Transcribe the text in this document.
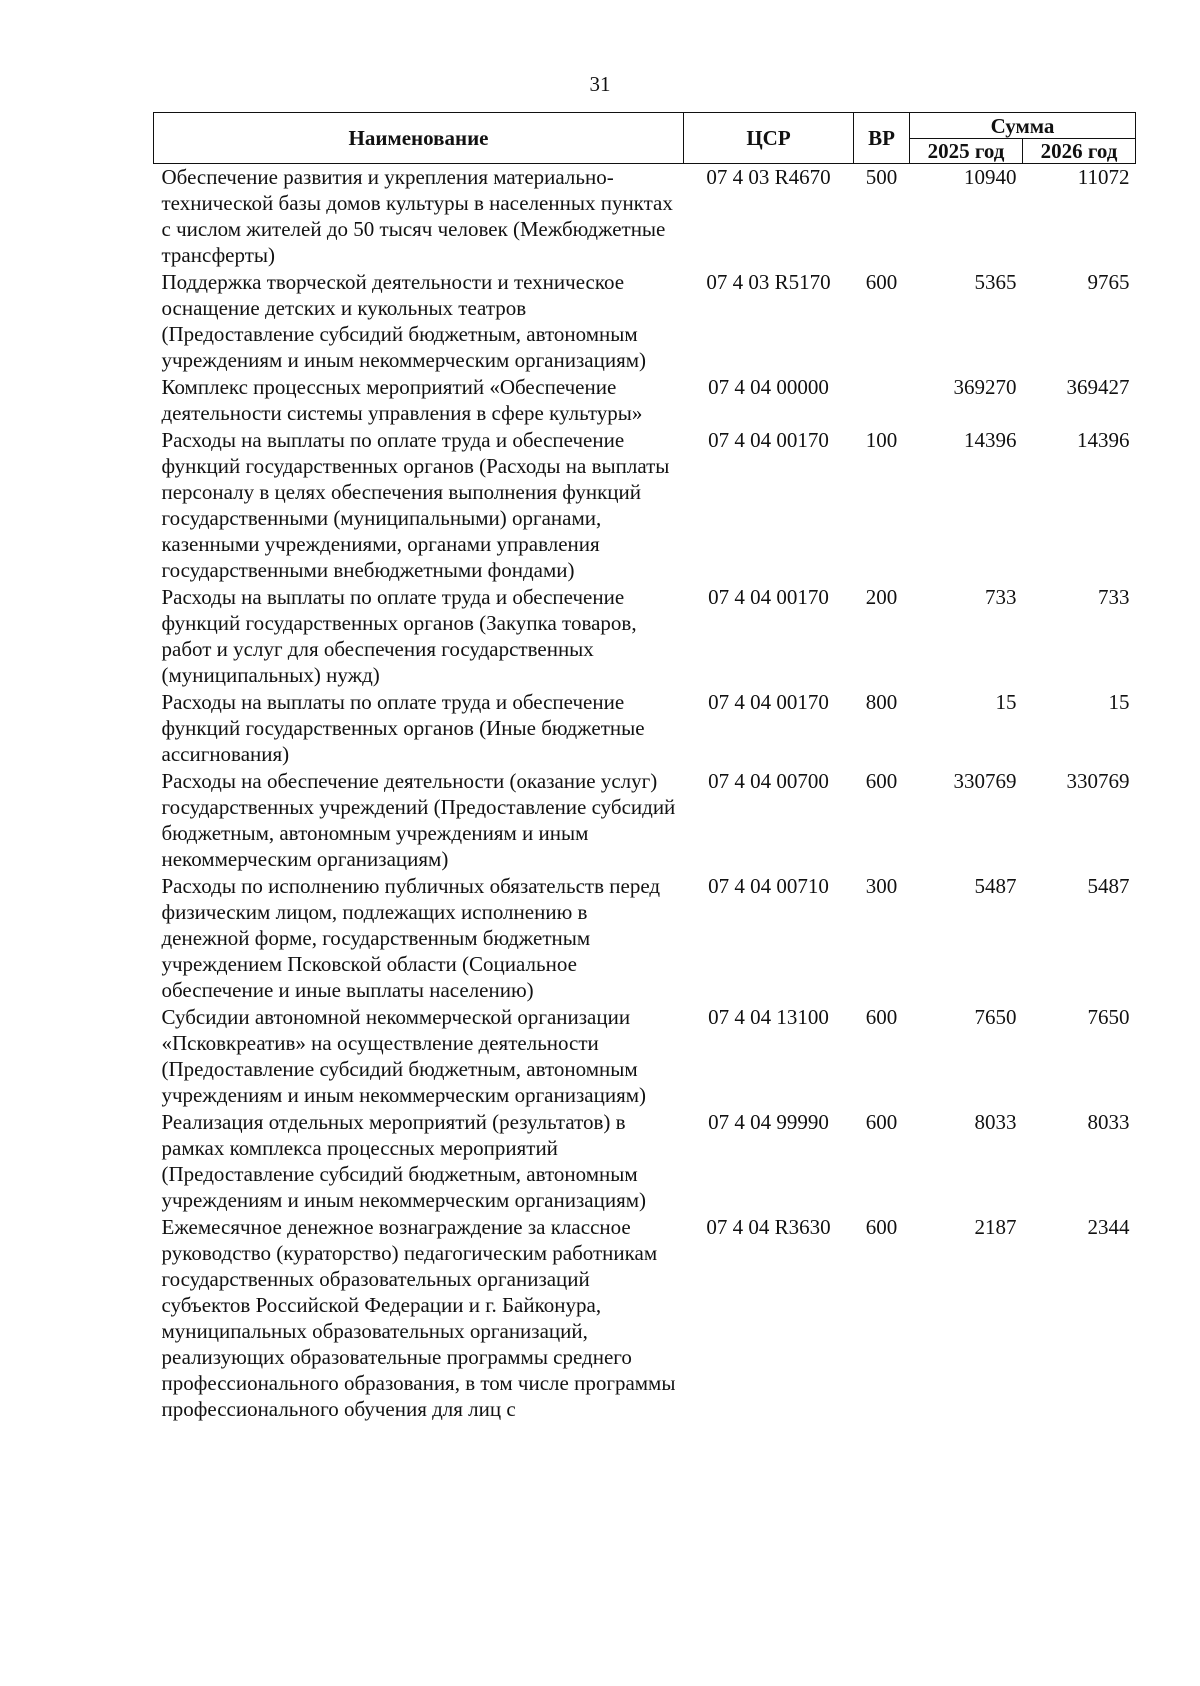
31
Наименование	ЦСР	ВР	Сумма	
			2025 год	2026 год
Обеспечение развития и укрепления материально-технической базы домов культуры в населенных пунктах с числом жителей до 50 тысяч человек (Межбюджетные трансферты)	07 4 03 R4670	500	10940	11072
Поддержка творческой деятельности и техническое оснащение детских и кукольных театров (Предоставление субсидий бюджетным, автономным учреждениям и иным некоммерческим организациям)	07 4 03 R5170	600	5365	9765
Комплекс процессных мероприятий «Обеспечение деятельности системы управления в сфере культуры»	07 4 04 00000		369270	369427
Расходы на выплаты по оплате труда и обеспечение функций государственных органов (Расходы на выплаты персоналу в целях обеспечения выполнения функций государственными (муниципальными) органами, казенными учреждениями, органами управления государственными внебюджетными фондами)	07 4 04 00170	100	14396	14396
Расходы на выплаты по оплате труда и обеспечение функций государственных органов (Закупка товаров, работ и услуг для обеспечения государственных (муниципальных) нужд)	07 4 04 00170	200	733	733
Расходы на выплаты по оплате труда и обеспечение функций государственных органов (Иные бюджетные ассигнования)	07 4 04 00170	800	15	15
Расходы на обеспечение деятельности (оказание услуг) государственных учреждений (Предоставление субсидий бюджетным, автономным учреждениям и иным некоммерческим организациям)	07 4 04 00700	600	330769	330769
Расходы по исполнению публичных обязательств перед физическим лицом, подлежащих исполнению в денежной форме, государственным бюджетным учреждением Псковской области (Социальное обеспечение и иные выплаты населению)	07 4 04 00710	300	5487	5487
Субсидии автономной некоммерческой организации «Псковкреатив» на осуществление деятельности (Предоставление субсидий бюджетным, автономным учреждениям и иным некоммерческим организациям)	07 4 04 13100	600	7650	7650
Реализация отдельных мероприятий (результатов) в рамках комплекса процессных мероприятий (Предоставление субсидий бюджетным, автономным учреждениям и иным некоммерческим организациям)	07 4 04 99990	600	8033	8033
Ежемесячное денежное вознаграждение за классное руководство (кураторство) педагогическим работникам государственных образовательных организаций субъектов Российской Федерации и г. Байконура, муниципальных образовательных организаций, реализующих образовательные программы среднего профессионального образования, в том числе программы профессионального обучения для лиц с	07 4 04 R3630	600	2187	2344
